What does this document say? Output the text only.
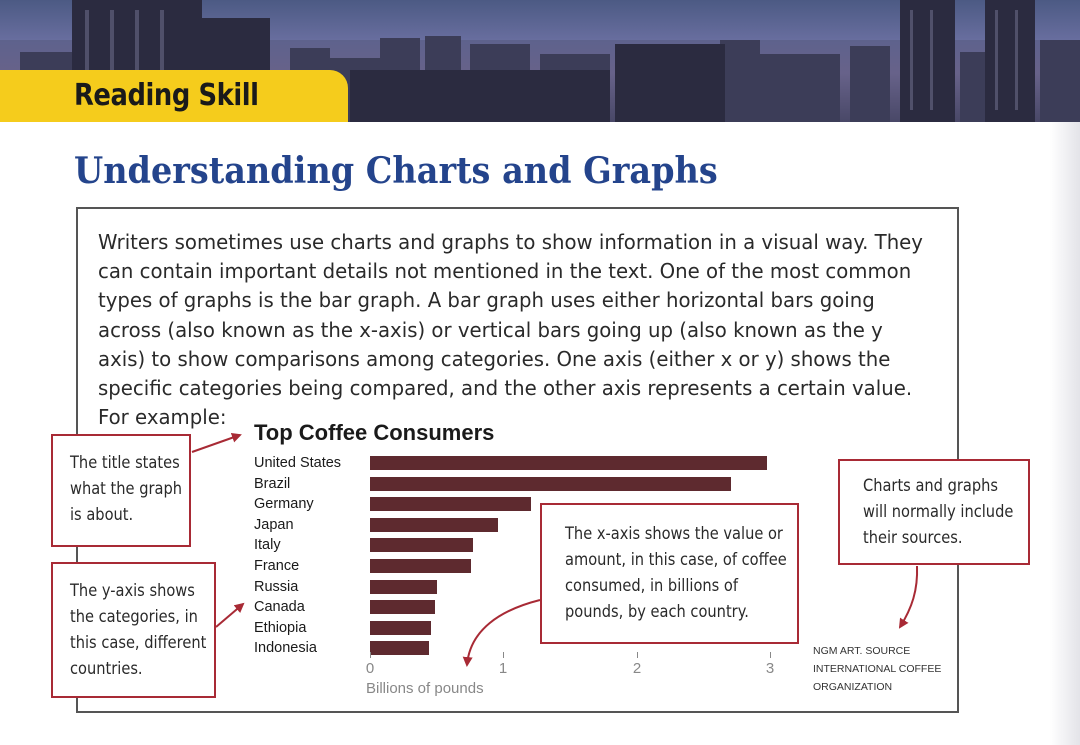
Reading Skill
Understanding Charts and Graphs

Writers sometimes use charts and graphs to show information in a visual way. They can contain important details not mentioned in the text. One of the most common types of graphs is the bar graph. A bar graph uses either horizontal bars going across (also known as the x-axis) or vertical bars going up (also known as the y axis) to show comparisons among categories. One axis (either x or y) shows the specific categories being compared, and the other axis represents a certain value. For example:

Top Coffee Consumers
Billions of pounds
The title states what the graph is about.
The y-axis shows the categories, in this case, different countries.
The x-axis shows the value or amount, in this case, of coffee consumed, in billions of pounds, by each country.
Charts and graphs will normally include their sources.
NGM ART. SOURCE
INTERNATIONAL COFFEE
ORGANIZATION
United States
Brazil
Germany
Japan
Italy
France
Russia
Canada
Ethiopia
Indonesia
0	1	2	3
